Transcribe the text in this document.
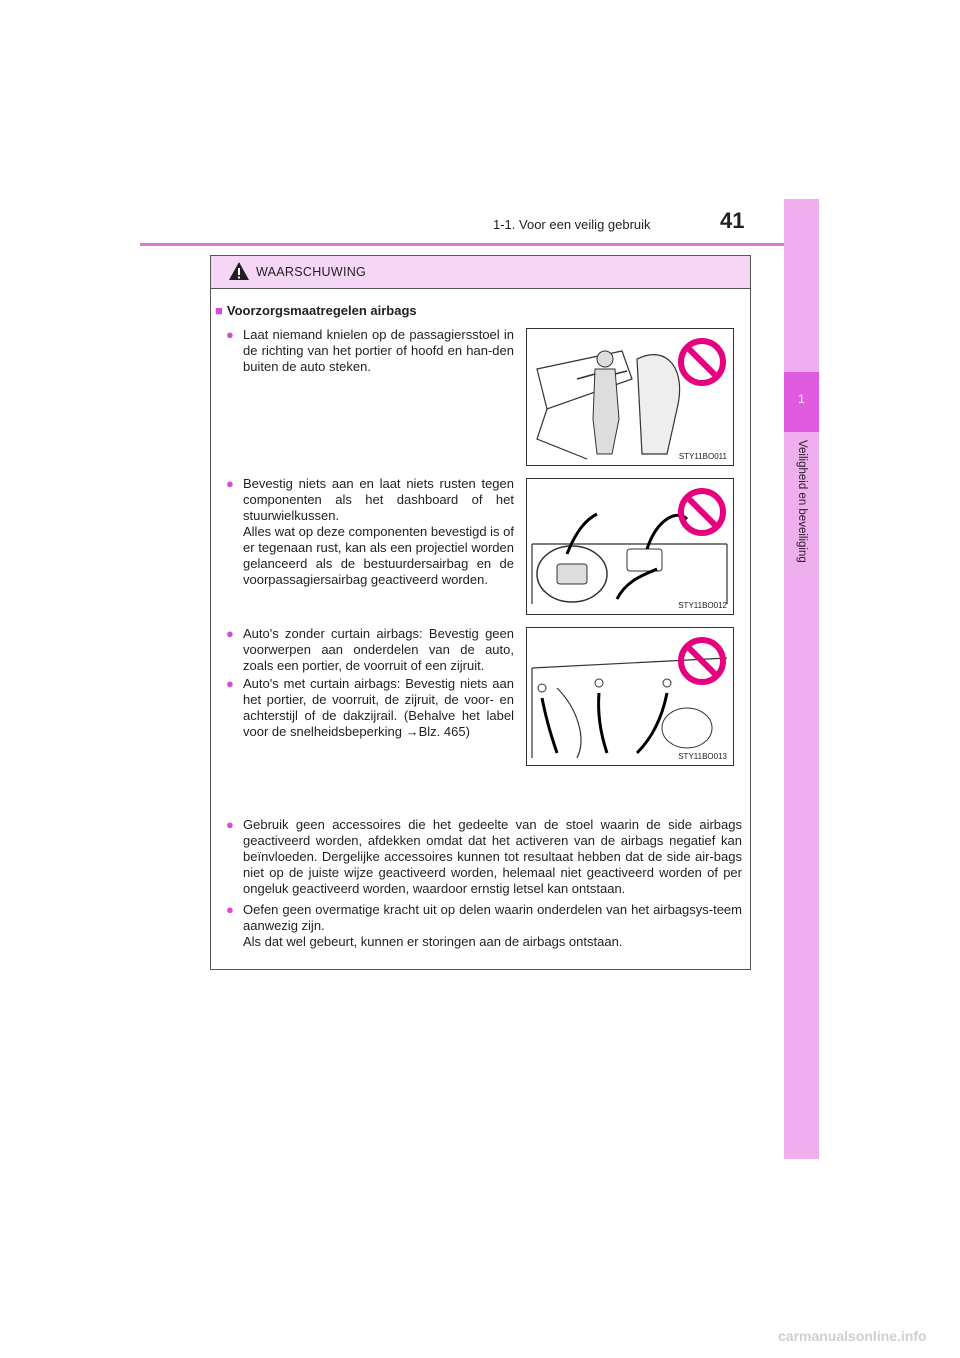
1-1. Voor een veilig gebruik	41
1
Veiligheid en beveiliging
WAARSCHUWING
■ Voorzorgsmaatregelen airbags
● Laat niemand knielen op de passagiersstoel in de richting van het portier of hoofd en han-den buiten de auto steken.

● Bevestig niets aan en laat niets rusten tegen componenten als het dashboard of het stuurwielkussen.

Alles wat op deze componenten bevestigd is of er tegenaan rust, kan als een projectiel worden gelanceerd als de bestuurdersairbag en de voorpassagiersairbag geactiveerd worden.

● Auto's zonder curtain airbags: Bevestig geen voorwerpen aan onderdelen van de auto, zoals een portier, de voorruit of een zijruit.

● Auto's met curtain airbags: Bevestig niets aan het portier, de voorruit, de zijruit, de voor- en achterstijl of de dakzijrail. (Behalve het label voor de snelheidsbeperking →Blz. 465)

● Gebruik geen accessoires die het gedeelte van de stoel waarin de side airbags geactiveerd worden, afdekken omdat dat het activeren van de airbags negatief kan beïnvloeden. Dergelijke accessoires kunnen tot resultaat hebben dat de side air-bags niet op de juiste wijze geactiveerd worden, helemaal niet geactiveerd worden of per ongeluk geactiveerd worden, waardoor ernstig letsel kan ontstaan.

● Oefen geen overmatige kracht uit op delen waarin onderdelen van het airbagsys-teem aanwezig zijn.

Als dat wel gebeurt, kunnen er storingen aan de airbags ontstaan.

STY11BO011
STY11BO012
STY11BO013
carmanualsonline.info
